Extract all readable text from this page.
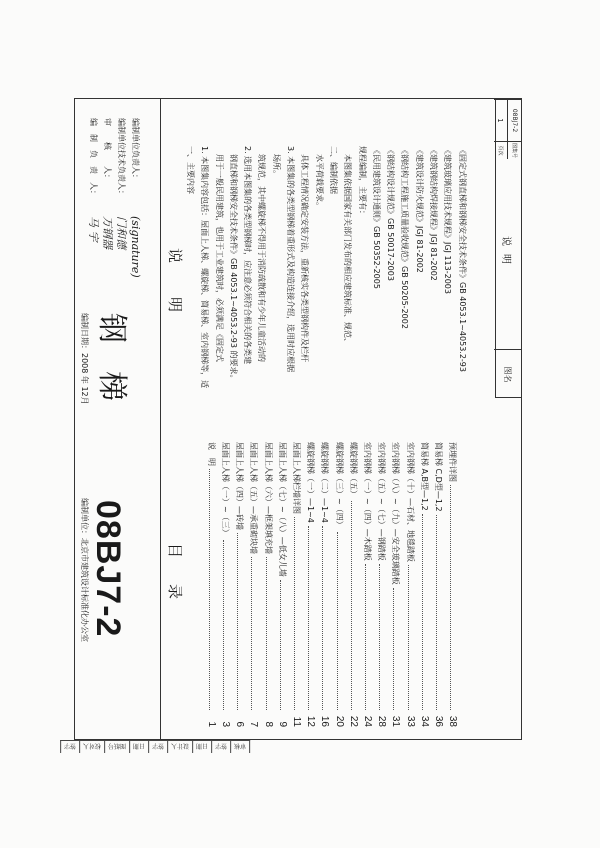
08BJ7-2
编制单位：北京市建筑设计标准化办公室
钢梯
编制日期：2008 年 12月
编制单位负责人：
(signature)
编制单位技术负责人：
门和德
审　　核　　人：
万钢器
编　制　负　责　人：
马 宇
目录
说　明
1
屋面上人梯（一）~（三）
3
屋面上人梯（四）—砖墙
6
屋面上人梯（五）—承重砌块墙
7
屋面上人梯（六）—框架填充墙
8
屋面上人梯（七）~（八）—低女儿墙
9
屋面上人梯栏墙详图
11
螺旋钢梯（一）—1~4
12
螺旋钢梯（二）—1~4
16
螺旋钢梯（三）~（四）
20
螺旋钢梯（五）
22
室内钢梯（一）~（四）—木踏板
24
室内钢梯（五）~（七）—钢踏板
28
室内钢梯（八）~（九）—安全玻璃踏板
31
室内钢梯（十）—石材、地毯踏板
33
简易梯 A,B型—1,2
34
简易梯 C,D型—1,2
36
预埋件详图
38
说明

一、主要内容 1. 本图集内容包括：屋面上人梯、螺旋梯、简易梯、室内钢梯等，适 用于一般民用建筑，也用于工业建筑时，必须满足《固定式 钢直梯和钢梯安全技术条件》GB 4053.1~4053.2-93 的要求。 2. 选用本图集的各类型钢梯时，应注意必须符合相关的各类建 筑规范，其中螺旋梯不得用于消防疏散和有少年儿童活动的 场所。 3. 本图集的各类型钢梯着重形式及构造连接介绍，选用时应根据 具体工程情况确定安装方法，重新核实各类型钢构件及栏杆 水平荷载要求。 二、编制依据 本图集依据国家有关部门发布的相应建筑标准、规范、 规程编制，主要有： 《民用建筑设计通则》GB 50352-2005 《钢结构设计规范》GB 50017-2003 《钢结构工程施工质量验收规范》GB 50205-2002 《建筑设计防火规范》JGJ 81-2002 《建筑钢结构焊接规程》JGJ 81-2002 《建筑玻璃应用技术规程》JGJ 113-2003 《固定式钢直梯和钢梯安全技术条件》GB 4053.1~4053.2-93

图名
说明
图集号
页次
08BJ7-2
1
审核
签字
日期
设计人
签字
日期
图纸号
校对人
签字
